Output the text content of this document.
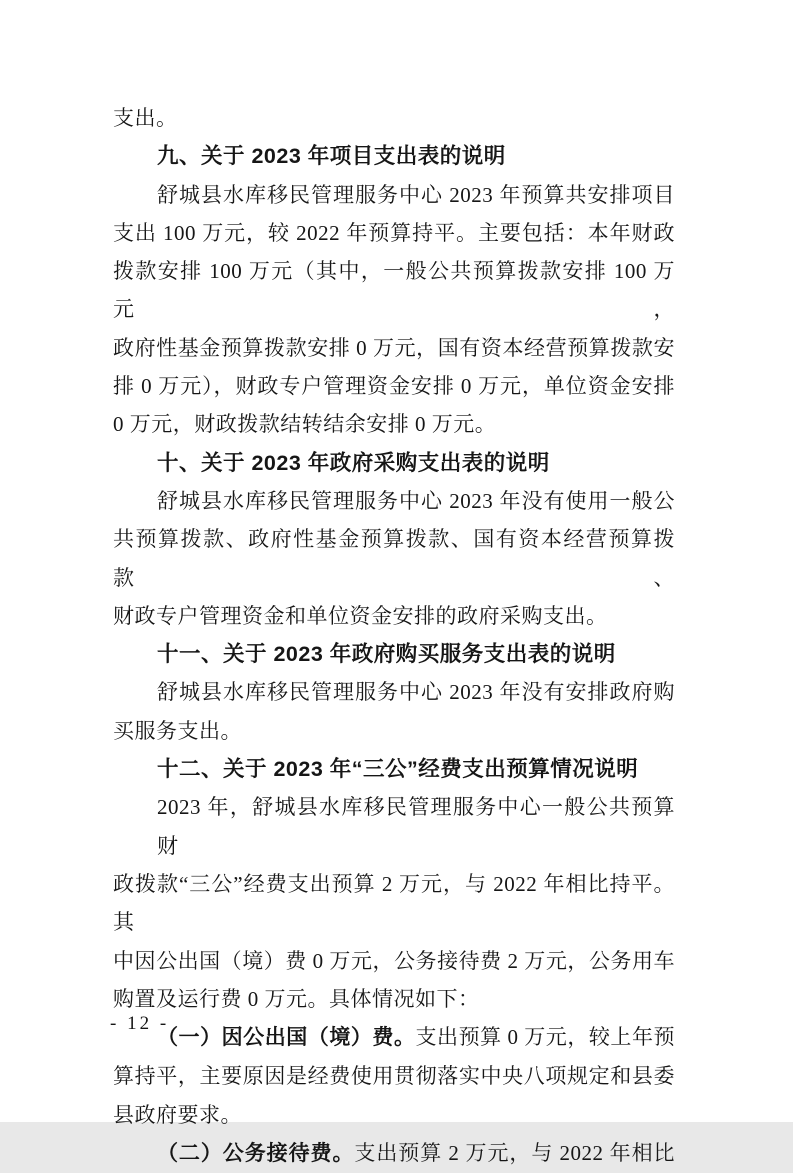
支出。
九、关于 2023 年项目支出表的说明
舒城县水库移民管理服务中心 2023 年预算共安排项目
支出 100 万元，较 2022 年预算持平。主要包括：本年财政
拨款安排 100 万元（其中，一般公共预算拨款安排 100 万元，
政府性基金预算拨款安排 0 万元，国有资本经营预算拨款安
排 0 万元），财政专户管理资金安排 0 万元，单位资金安排
0 万元，财政拨款结转结余安排 0 万元。
十、关于 2023 年政府采购支出表的说明
舒城县水库移民管理服务中心 2023 年没有使用一般公
共预算拨款、政府性基金预算拨款、国有资本经营预算拨款、
财政专户管理资金和单位资金安排的政府采购支出。
十一、关于 2023 年政府购买服务支出表的说明
舒城县水库移民管理服务中心 2023 年没有安排政府购
买服务支出。
十二、关于 2023 年“三公”经费支出预算情况说明
2023 年，舒城县水库移民管理服务中心一般公共预算财
政拨款“三公”经费支出预算 2 万元，与 2022 年相比持平。其
中因公出国（境）费 0 万元，公务接待费 2 万元，公务用车
购置及运行费 0 万元。具体情况如下：
（一）因公出国（境）费。支出预算 0 万元，较上年预
算持平，主要原因是经费使用贯彻落实中央八项规定和县委
县政府要求。
（二）公务接待费。支出预算 2 万元，与 2022 年相比
- 12 -
